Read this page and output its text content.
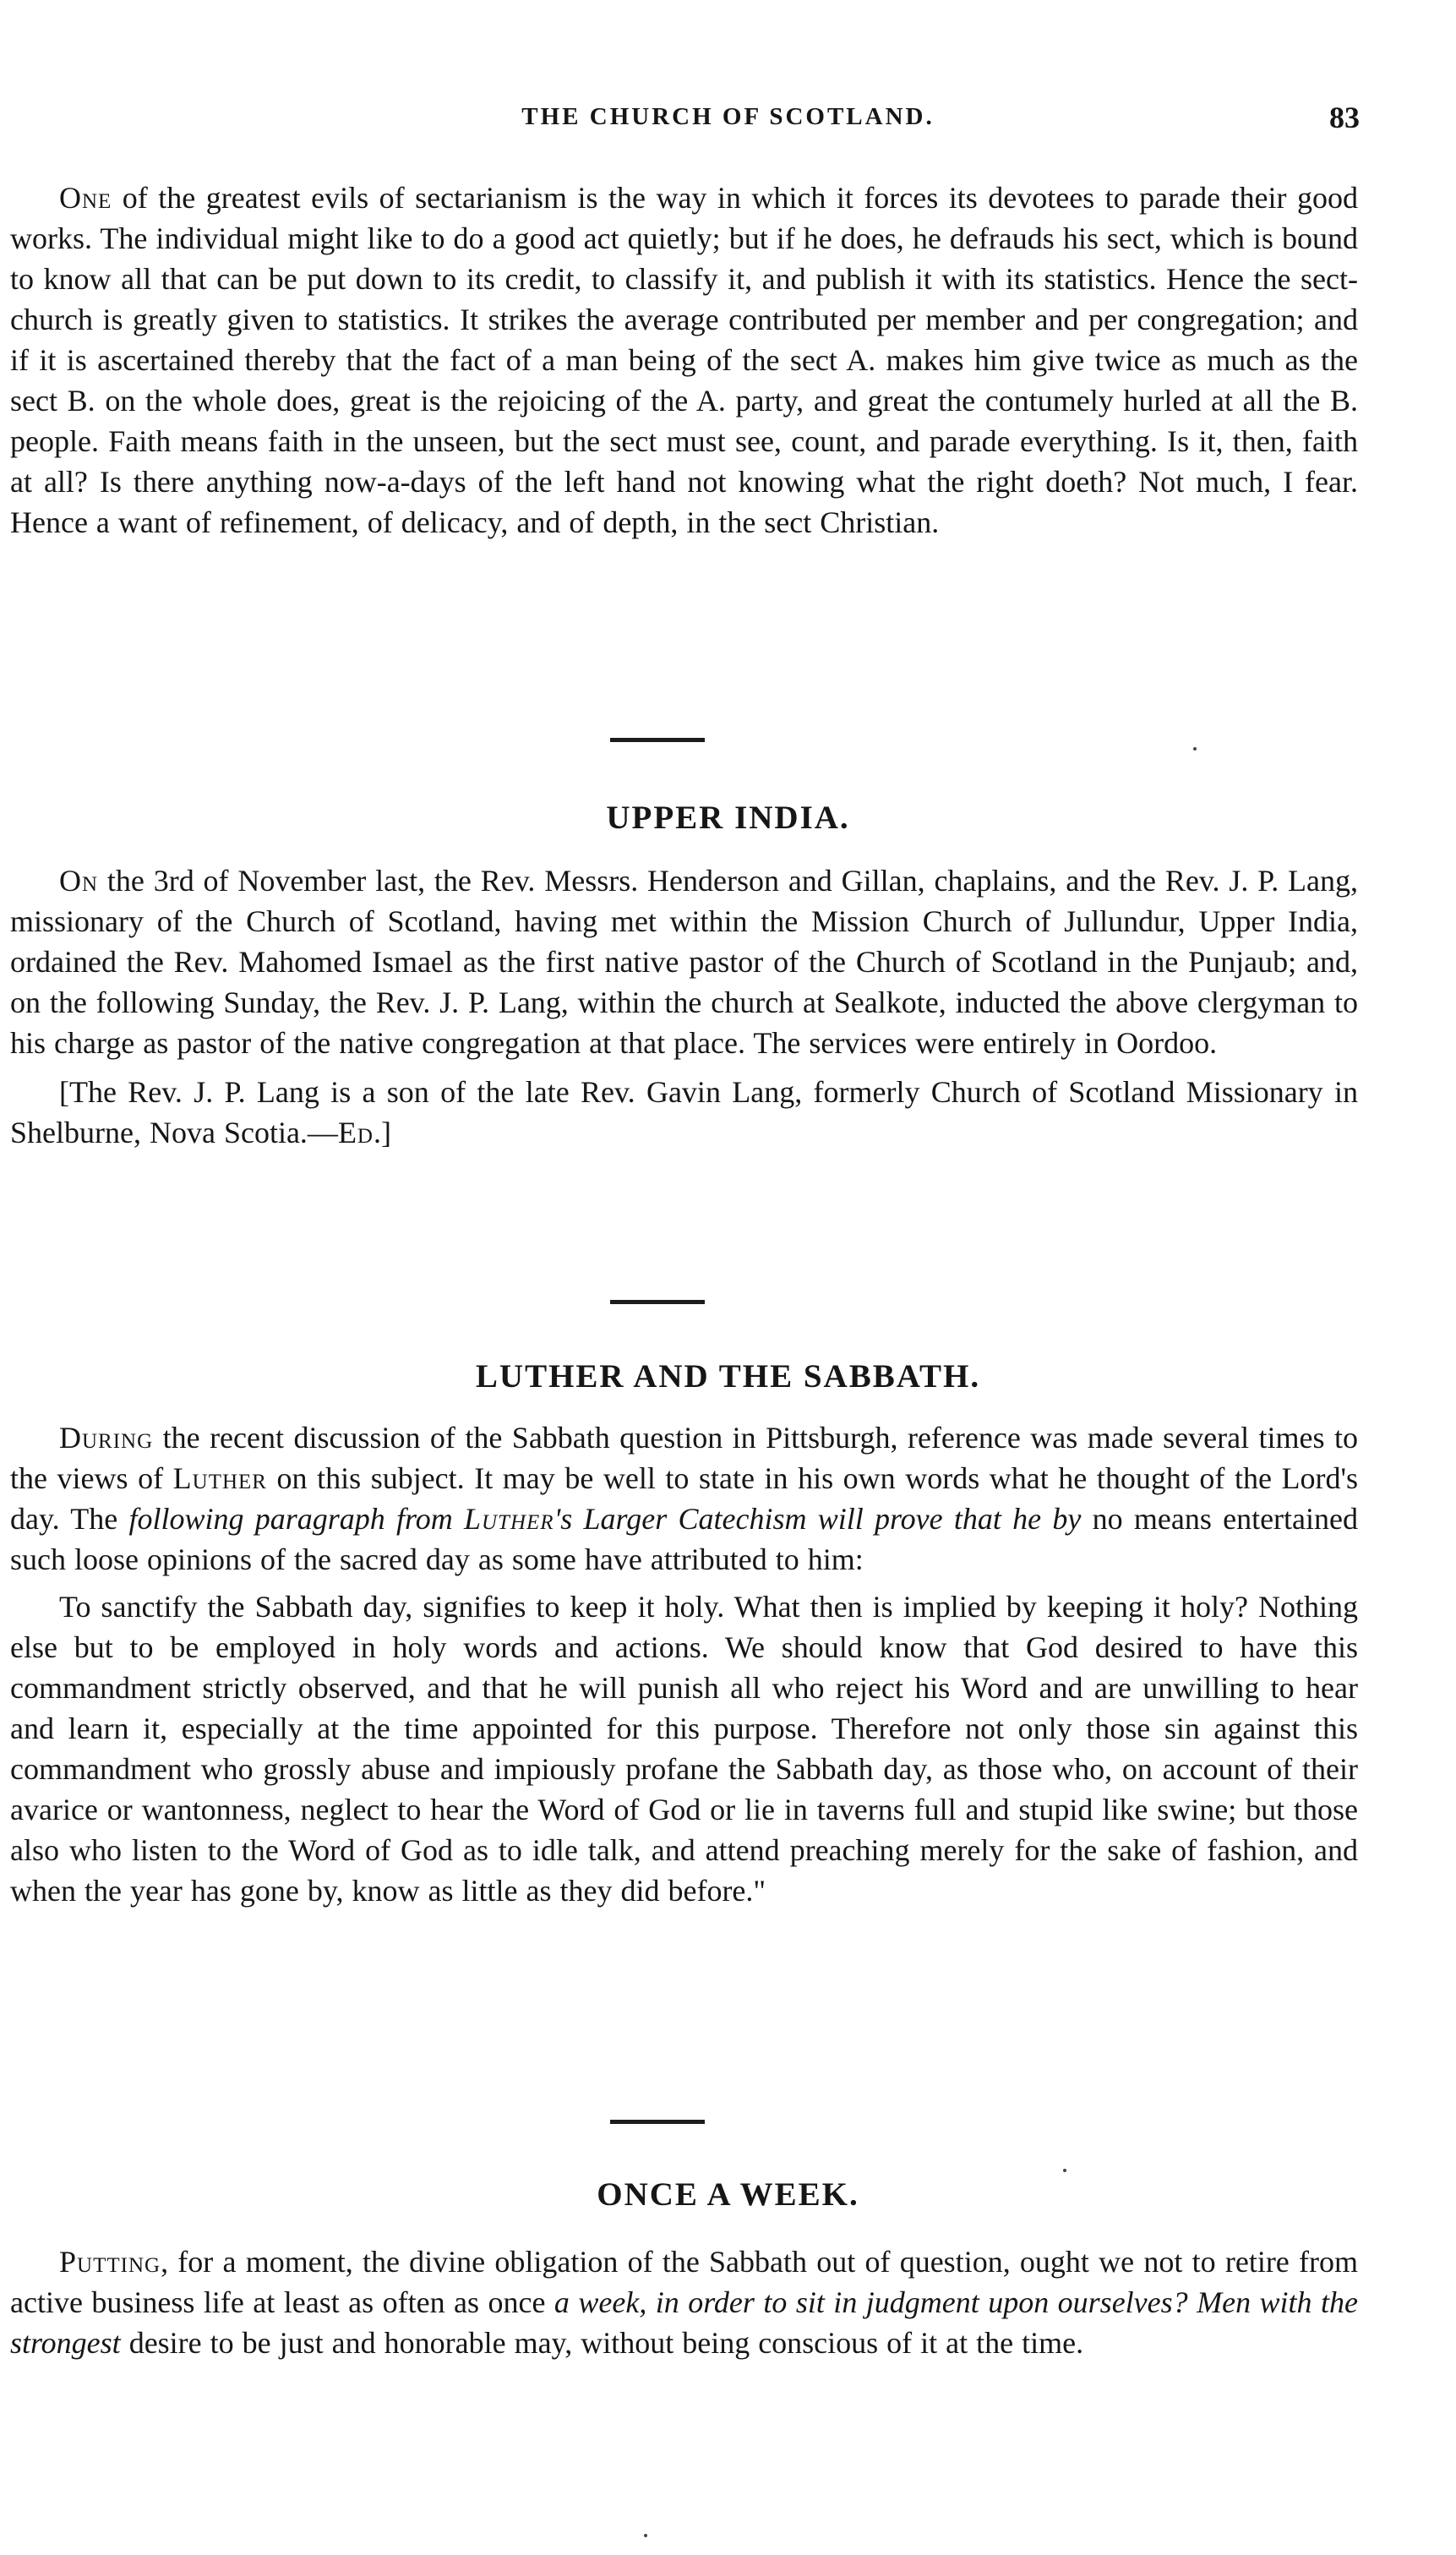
THE CHURCH OF SCOTLAND.	83

One of the greatest evils of sectarianism is the way in which it forces its devotees to parade their good works. The individual might like to do a good act quietly; but if he does, he defrauds his sect, which is bound to know all that can be put down to its credit, to classify it, and publish it with its statistics. Hence the sect-church is greatly given to statistics. It strikes the average contributed per member and per congregation; and if it is ascertained thereby that the fact of a man being of the sect A. makes him give twice as much as the sect B. on the whole does, great is the rejoicing of the A. party, and great the contumely hurled at all the B. people. Faith means faith in the unseen, but the sect must see, count, and parade everything. Is it, then, faith at all? Is there anything now-a-days of the left hand not knowing what the right doeth? Not much, I fear. Hence a want of refinement, of delicacy, and of depth, in the sect Christian.

UPPER INDIA.

On the 3rd of November last, the Rev. Messrs. Henderson and Gillan, chaplains, and the Rev. J. P. Lang, missionary of the Church of Scotland, having met within the Mission Church of Jullundur, Upper India, ordained the Rev. Mahomed Ismael as the first native pastor of the Church of Scotland in the Punjaub; and, on the following Sunday, the Rev. J. P. Lang, within the church at Sealkote, inducted the above clergyman to his charge as pastor of the native congregation at that place. The services were entirely in Oordoo.

[The Rev. J. P. Lang is a son of the late Rev. Gavin Lang, formerly Church of Scotland Missionary in Shelburne, Nova Scotia.—Ed.]

LUTHER AND THE SABBATH.

During the recent discussion of the Sabbath question in Pittsburgh, reference was made several times to the views of Luther on this subject. It may be well to state in his own words what he thought of the Lord's day. The following paragraph from Luther's Larger Catechism will prove that he by no means entertained such loose opinions of the sacred day as some have attributed to him:

To sanctify the Sabbath day, signifies to keep it holy. What then is implied by keeping it holy? Nothing else but to be employed in holy words and actions. We should know that God desired to have this commandment strictly observed, and that he will punish all who reject his Word and are unwilling to hear and learn it, especially at the time appointed for this purpose. Therefore not only those sin against this commandment who grossly abuse and impiously profane the Sabbath day, as those who, on account of their avarice or wantonness, neglect to hear the Word of God or lie in taverns full and stupid like swine; but those also who listen to the Word of God as to idle talk, and attend preaching merely for the sake of fashion, and when the year has gone by, know as little as they did before."

ONCE A WEEK.

Putting, for a moment, the divine obligation of the Sabbath out of question, ought we not to retire from active business life at least as often as once a week, in order to sit in judgment upon ourselves? Men with the strongest desire to be just and honorable may, without being conscious of it at the time.
